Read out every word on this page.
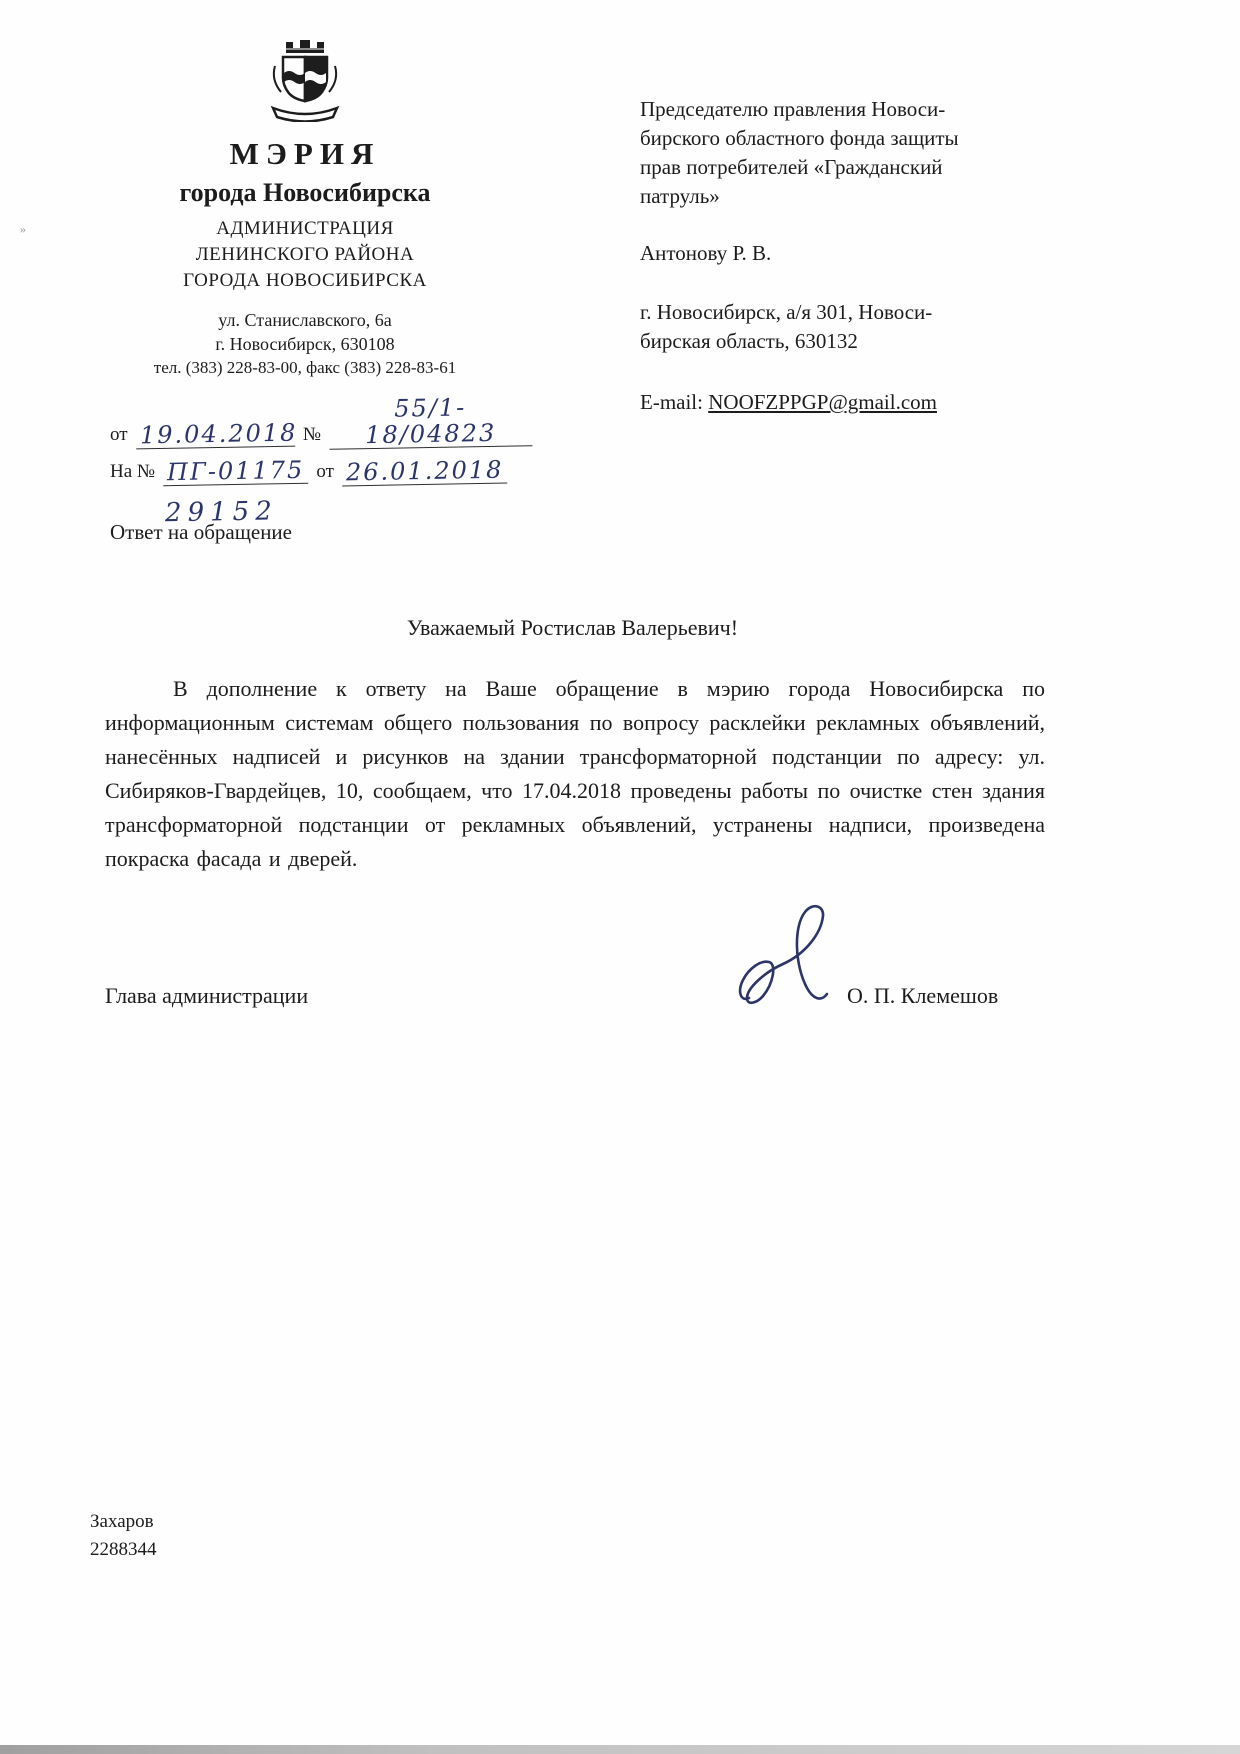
МЭРИЯ
города Новосибирска
АДМИНИСТРАЦИЯ
ЛЕНИНСКОГО РАЙОНА
ГОРОДА НОВОСИБИРСКА
ул. Станиславского, 6а
г. Новосибирск, 630108
тел. (383) 228-83-00, факс (383) 228-83-61
от 19.04.2018 №
55/1-18/04823
На № ПГ-01175 от 26.01.2018
29152
Ответ на обращение
Председателю правления Новоси-
бирского областного фонда защиты
прав потребителей «Гражданский
патруль»
Антонову Р. В.
г. Новосибирск, а/я 301, Новоси-
бирская область, 630132
E-mail: NOOFZPPGP@gmail.com
Уважаемый Ростислав Валерьевич!
В дополнение к ответу на Ваше обращение в мэрию города Новосибирска по информационным системам общего пользования по вопросу расклейки рекламных объявлений, нанесённых надписей и рисунков на здании трансформаторной подстанции по адресу: ул. Сибиряков-Гвардейцев, 10, сообщаем, что 17.04.2018 проведены работы по очистке стен здания трансформаторной подстанции от рекламных объявлений, устранены надписи, произведена покраска фасада и дверей.
Глава администрации	О. П. Клемешов
Захаров
2288344
»
